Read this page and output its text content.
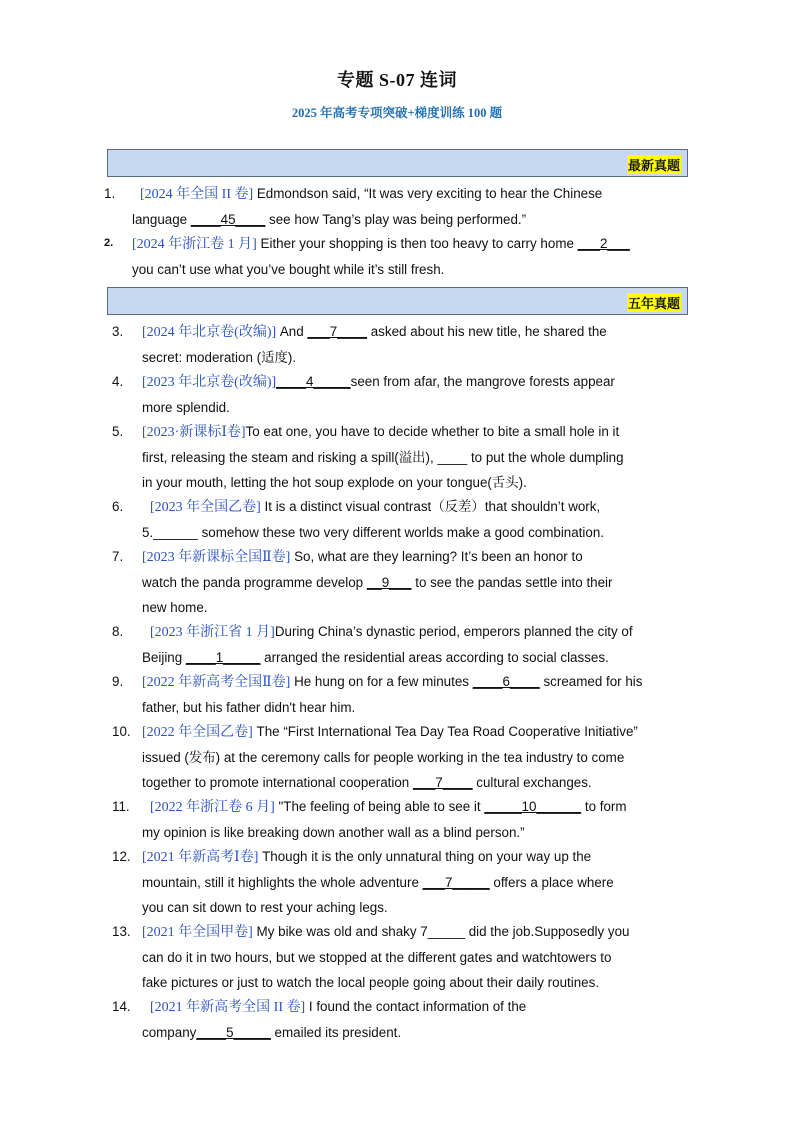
专题 S-07 连词
2025 年高考专项突破+梯度训练 100 题
最新真题
1.	[2024 年全国 II 卷] Edmondson said, “It was very exciting to hear the Chinese
language ____45____ see how Tang’s play was being performed.”
2. [2024 年浙江卷 1 月] Either your shopping is then too heavy to carry home ___2___
you can’t use what you’ve bought while it’s still fresh.
五年真题
3. [2024 年北京卷(改编)] And ___7____ asked about his new title, he shared the
secret: moderation (适度).
4. [2023 年北京卷(改编)]____4_____seen from afar, the mangrove forests appear
more splendid.
5. [2023·新课标Ⅰ卷]To eat one, you have to decide whether to bite a small hole in it
first, releasing the steam and risking a spill(溢出), ____ to put the whole dumpling
in your mouth, letting the hot soup explode on your tongue(舌头).
6.	[2023 年全国乙卷] It is a distinct visual contrast（反差）that shouldn’t work,
5.______ somehow these two very different worlds make a good combination.
7. [2023 年新课标全国Ⅱ卷] So, what are they learning? It’s been an honor to
watch the panda programme develop __9___ to see the pandas settle into their
new home.
8.	[2023 年浙江省 1 月]During China’s dynastic period, emperors planned the city of
Beijing ____1_____ arranged the residential areas according to social classes.
9. [2022 年新高考全国Ⅱ卷] He hung on for a few minutes ____6____ screamed for his
father, but his father didn't hear him.
10. [2022 年全国乙卷] The “First International Tea Day Tea Road Cooperative Initiative”
issued (发布) at the ceremony calls for people working in the tea industry to come
together to promote international cooperation ___7____ cultural exchanges.
11.	[2022 年浙江卷 6 月] "The feeling of being able to see it _____10______ to form
my opinion is like breaking down another wall as a blind person.”
12. [2021 年新高考Ⅰ卷] Though it is the only unnatural thing on your way up the
mountain, still it highlights the whole adventure ___7_____ offers a place where
you can sit down to rest your aching legs.
13. [2021 年全国甲卷] My bike was old and shaky 7_____ did the job.Supposedly you
can do it in two hours, but we stopped at the different gates and watchtowers to
fake pictures or just to watch the local people going about their daily routines.
14.	[2021 年新高考全国 II 卷] I found the contact information of the
company____5_____ emailed its president.
